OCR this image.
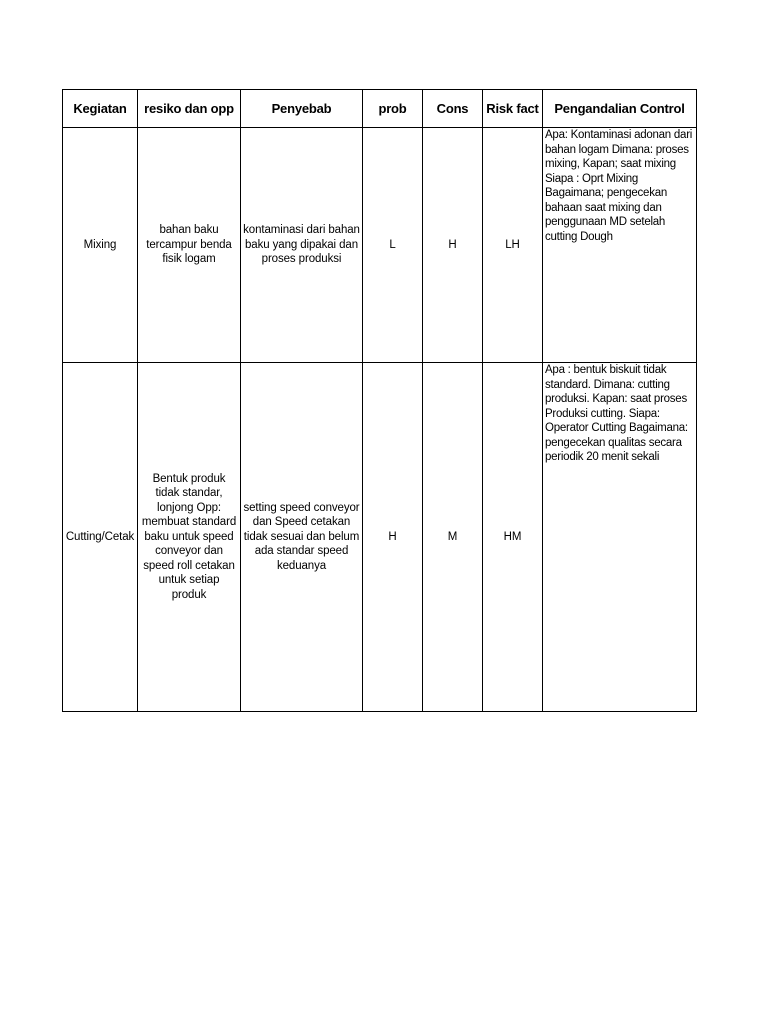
Kegiatan	resiko dan opp	Penyebab	prob	Cons	Risk fact	Pengandalian Control
Mixing	bahan baku tercampur benda fisik logam	kontaminasi dari bahan baku yang dipakai dan proses produksi	L	H	LH	Apa: Kontaminasi adonan dari bahan logam Dimana: proses mixing, Kapan; saat mixing Siapa : Oprt Mixing Bagaimana; pengecekan bahaan saat mixing dan penggunaan MD setelah cutting Dough
Cutting/Cetak	Bentuk produk tidak standar, lonjong Opp: membuat standard baku untuk speed conveyor dan speed roll cetakan untuk setiap produk	setting speed conveyor dan Speed cetakan tidak sesuai dan belum ada standar speed keduanya	H	M	HM	Apa : bentuk biskuit tidak standard. Dimana: cutting produksi. Kapan: saat proses Produksi cutting. Siapa: Operator Cutting Bagaimana: pengecekan qualitas secara periodik 20 menit sekali
